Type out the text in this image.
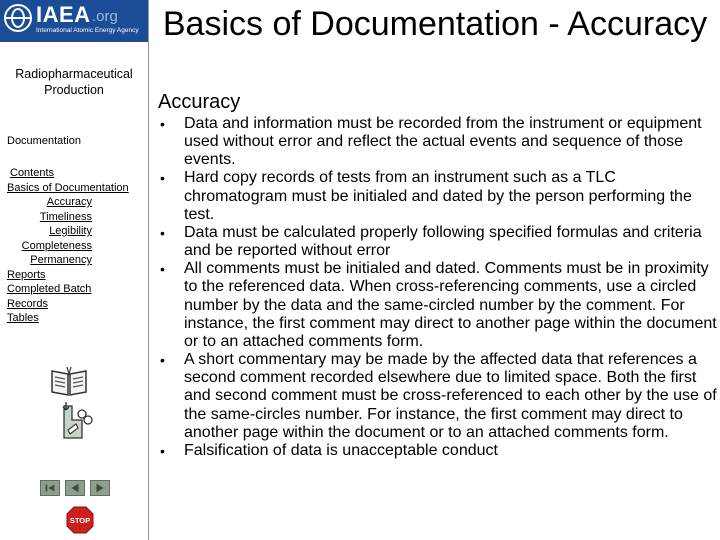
IAEA .org
International Atomic Energy Agency
Radiopharmaceutical Production
Documentation
Contents
Basics of Documentation
Accuracy
Timeliness
Legibility
Completeness
Permanency
Reports
Completed Batch
Records
Tables
STOP
Basics of Documentation - Accuracy
Accuracy
• Data and information must be recorded from the instrument or equipment used without error and reflect the actual events and sequence of those events.
• Hard copy records of tests from an instrument such as a TLC chromatogram must be initialed and dated by the person performing the test.
• Data must be calculated properly following specified formulas and criteria and be reported without error
• All comments must be initialed and dated. Comments must be in proximity to the referenced data. When cross-referencing comments, use a circled number by the data and the same-circled number by the comment. For instance, the first comment may direct to another page within the document or to an attached comments form.
• A short commentary may be made by the affected data that references a second comment recorded elsewhere due to limited space. Both the first and second comment must be cross-referenced to each other by the use of the same-circles number. For instance, the first comment may direct to another page within the document or to an attached comments form.
• Falsification of data is unacceptable conduct
